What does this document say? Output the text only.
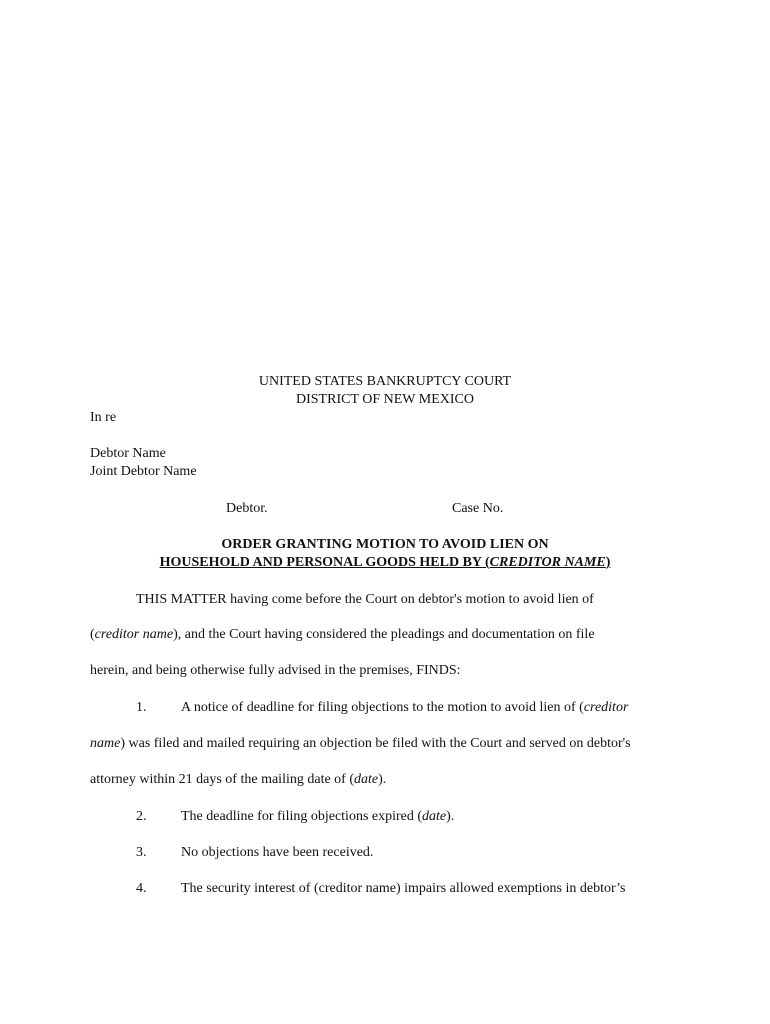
UNITED STATES BANKRUPTCY COURT
DISTRICT OF NEW MEXICO
In re
Debtor Name
Joint Debtor Name
Debtor.	Case No.
ORDER GRANTING MOTION TO AVOID LIEN ON
HOUSEHOLD AND PERSONAL GOODS HELD BY (CREDITOR NAME)
THIS MATTER having come before the Court on debtor's motion to avoid lien of
(creditor name), and the Court having considered the pleadings and documentation on file
herein, and being otherwise fully advised in the premises, FINDS:
1. A notice of deadline for filing objections to the motion to avoid lien of (creditor
name) was filed and mailed requiring an objection be filed with the Court and served on debtor's
attorney within 21 days of the mailing date of (date).
2. The deadline for filing objections expired (date).
3. No objections have been received.
4. The security interest of (creditor name) impairs allowed exemptions in debtor’s
